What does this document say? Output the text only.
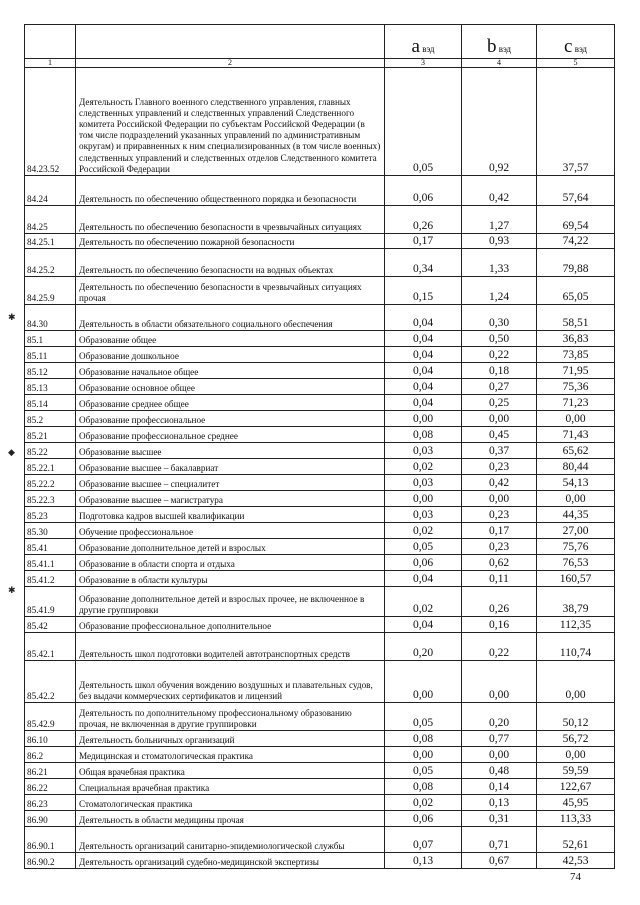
		a вэд	b вэд	c вэд
1	2	3	4	5
84.23.52	Деятельность Главного военного следственного управления, главных следственных управлений и следственных управлений Следственного комитета Российской Федерации по субъектам Российской Федерации (в том числе подразделений указанных управлений по административным округам) и приравненных к ним специализированных (в том числе военных) следственных управлений и следственных отделов Следственного комитета Российской Федерации	0,05	0,92	37,57
84.24	Деятельность по обеспечению общественного порядка и безопасности	0,06	0,42	57,64
84.25	Деятельность по обеспечению безопасности в чрезвычайных ситуациях	0,26	1,27	69,54
84.25.1	Деятельность по обеспечению пожарной безопасности	0,17	0,93	74,22
84.25.2	Деятельность по обеспечению безопасности на водных объектах	0,34	1,33	79,88
84.25.9	Деятельность по обеспечению безопасности в чрезвычайных ситуациях прочая	0,15	1,24	65,05
84.30	Деятельность в области обязательного социального обеспечения	0,04	0,30	58,51
85.1	Образование общее	0,04	0,50	36,83
85.11	Образование дошкольное	0,04	0,22	73,85
85.12	Образование начальное общее	0,04	0,18	71,95
85.13	Образование основное общее	0,04	0,27	75,36
85.14	Образование среднее общее	0,04	0,25	71,23
85.2	Образование профессиональное	0,00	0,00	0,00
85.21	Образование профессиональное среднее	0,08	0,45	71,43
85.22	Образование высшее	0,03	0,37	65,62
85.22.1	Образование высшее – бакалавриат	0,02	0,23	80,44
85.22.2	Образование высшее – специалитет	0,03	0,42	54,13
85.22.3	Образование высшее – магистратура	0,00	0,00	0,00
85.23	Подготовка кадров высшей квалификации	0,03	0,23	44,35
85.30	Обучение профессиональное	0,02	0,17	27,00
85.41	Образование дополнительное детей и взрослых	0,05	0,23	75,76
85.41.1	Образование в области спорта и отдыха	0,06	0,62	76,53
85.41.2	Образование в области культуры	0,04	0,11	160,57
85.41.9	Образование дополнительное детей и взрослых прочее, не включенное в другие группировки	0,02	0,26	38,79
85.42	Образование профессиональное дополнительное	0,04	0,16	112,35
85.42.1	Деятельность школ подготовки водителей автотранспортных средств	0,20	0,22	110,74
85.42.2	Деятельность школ обучения вождению воздушных и плавательных судов, без выдачи коммерческих сертификатов и лицензий	0,00	0,00	0,00
85.42.9	Деятельность по дополнительному профессиональному образованию прочая, не включенная в другие группировки	0,05	0,20	50,12
86.10	Деятельность больничных организаций	0,08	0,77	56,72
86.2	Медицинская и стоматологическая практика	0,00	0,00	0,00
86.21	Общая врачебная практика	0,05	0,48	59,59
86.22	Специальная врачебная практика	0,08	0,14	122,67
86.23	Стоматологическая практика	0,02	0,13	45,95
86.90	Деятельность в области медицины прочая	0,06	0,31	113,33
86.90.1	Деятельность организаций санитарно-эпидемиологической службы	0,07	0,71	52,61
86.90.2	Деятельность организаций судебно-медицинской экспертизы	0,13	0,67	42,53
✱
◆
✱
74
